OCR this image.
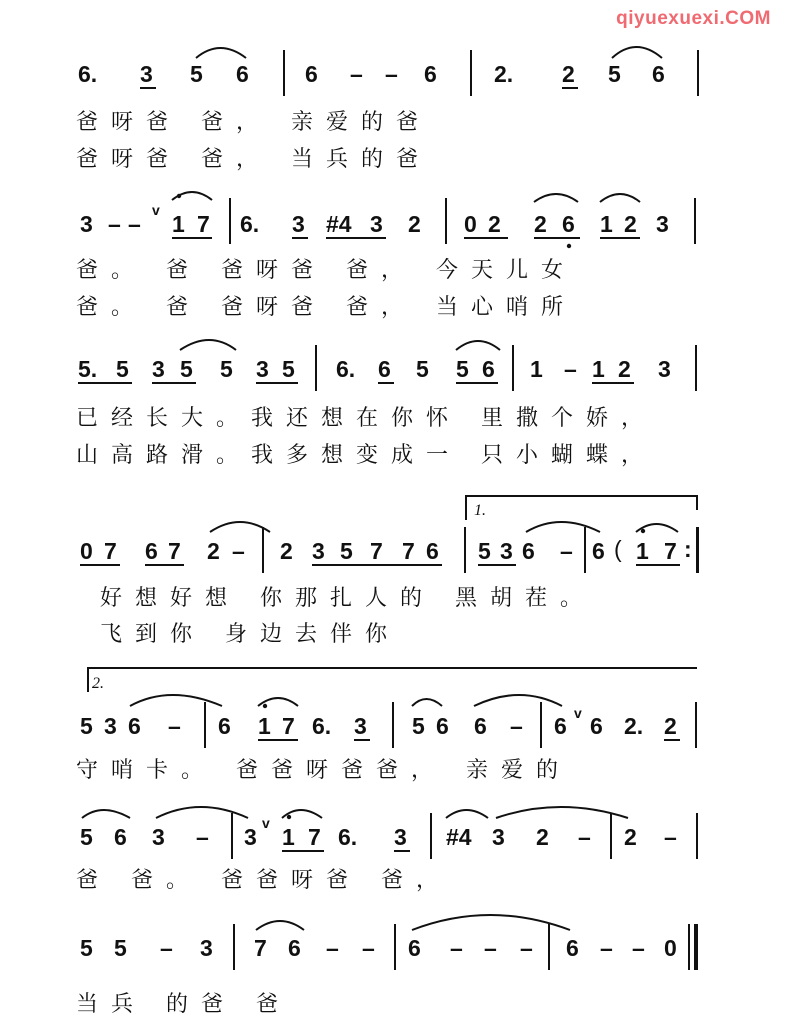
qiyuexuexi.COM
6. 3 5 6 6 – – 6 2. 2 5 6
爸呀爸 爸， 亲爱的爸
爸呀爸 爸， 当兵的爸
3 – –
v
1 7 6. 3 #4 3 2 0 2 2 6 1 2 3
爸。 爸 爸呀爸 爸， 今天儿女
爸。 爸 爸呀爸 爸， 当心哨所
5. 5 3 5 5 3 5 6. 6 5 5 6 1 – 1 2 3
已经长大。我还想在你怀 里撒个娇，
山高路滑。我多想变成一 只小蝴蝶，
1.
0 7 6 7 2 – 2 3 5 7 7 6 5 3 6 – 6 ( 1 7 :
好想好想 你那扎人的 黑胡茬。
飞到你 身边去伴你
2.
5 3 6 – 6 1 7 6. 3 5 6 6 – 6 v 6 2. 2
守哨卡。 爸爸呀爸爸， 亲爱的
5 6 3 – 3
v
1 7 6. 3 #4 3 2 – 2 –
爸 爸。 爸爸呀爸 爸，
5 5 – 3 7 6 – – 6 – – – 6 – – 0
当兵 的爸 爸
